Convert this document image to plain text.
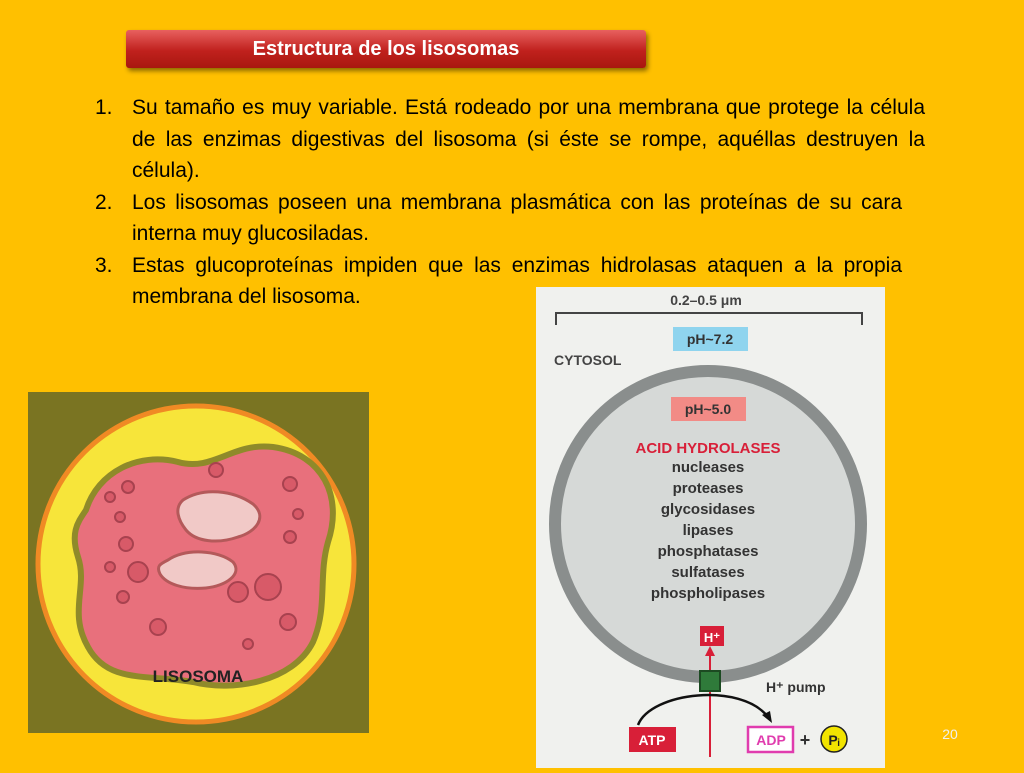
Estructura de los lisosomas
1. Su tamaño es muy variable. Está rodeado por una membrana que protege la célula de las enzimas digestivas del lisosoma (si éste se rompe, aquéllas destruyen la célula).
2. Los lisosomas poseen una membrana plasmática con las proteínas de su cara interna muy glucosiladas.
3. Estas glucoproteínas impiden que las enzimas hidrolasas ataquen a la propia membrana del lisosoma.
LISOSOMA
0.2–0.5 μm
pH~7.2
CYTOSOL
pH~5.0
ACID HYDROLASES
nucleases
proteases
glycosidases
lipases
phosphatases
sulfatases
phospholipases
H⁺
H⁺ pump
ATP	ADP + Pᵢ	20
